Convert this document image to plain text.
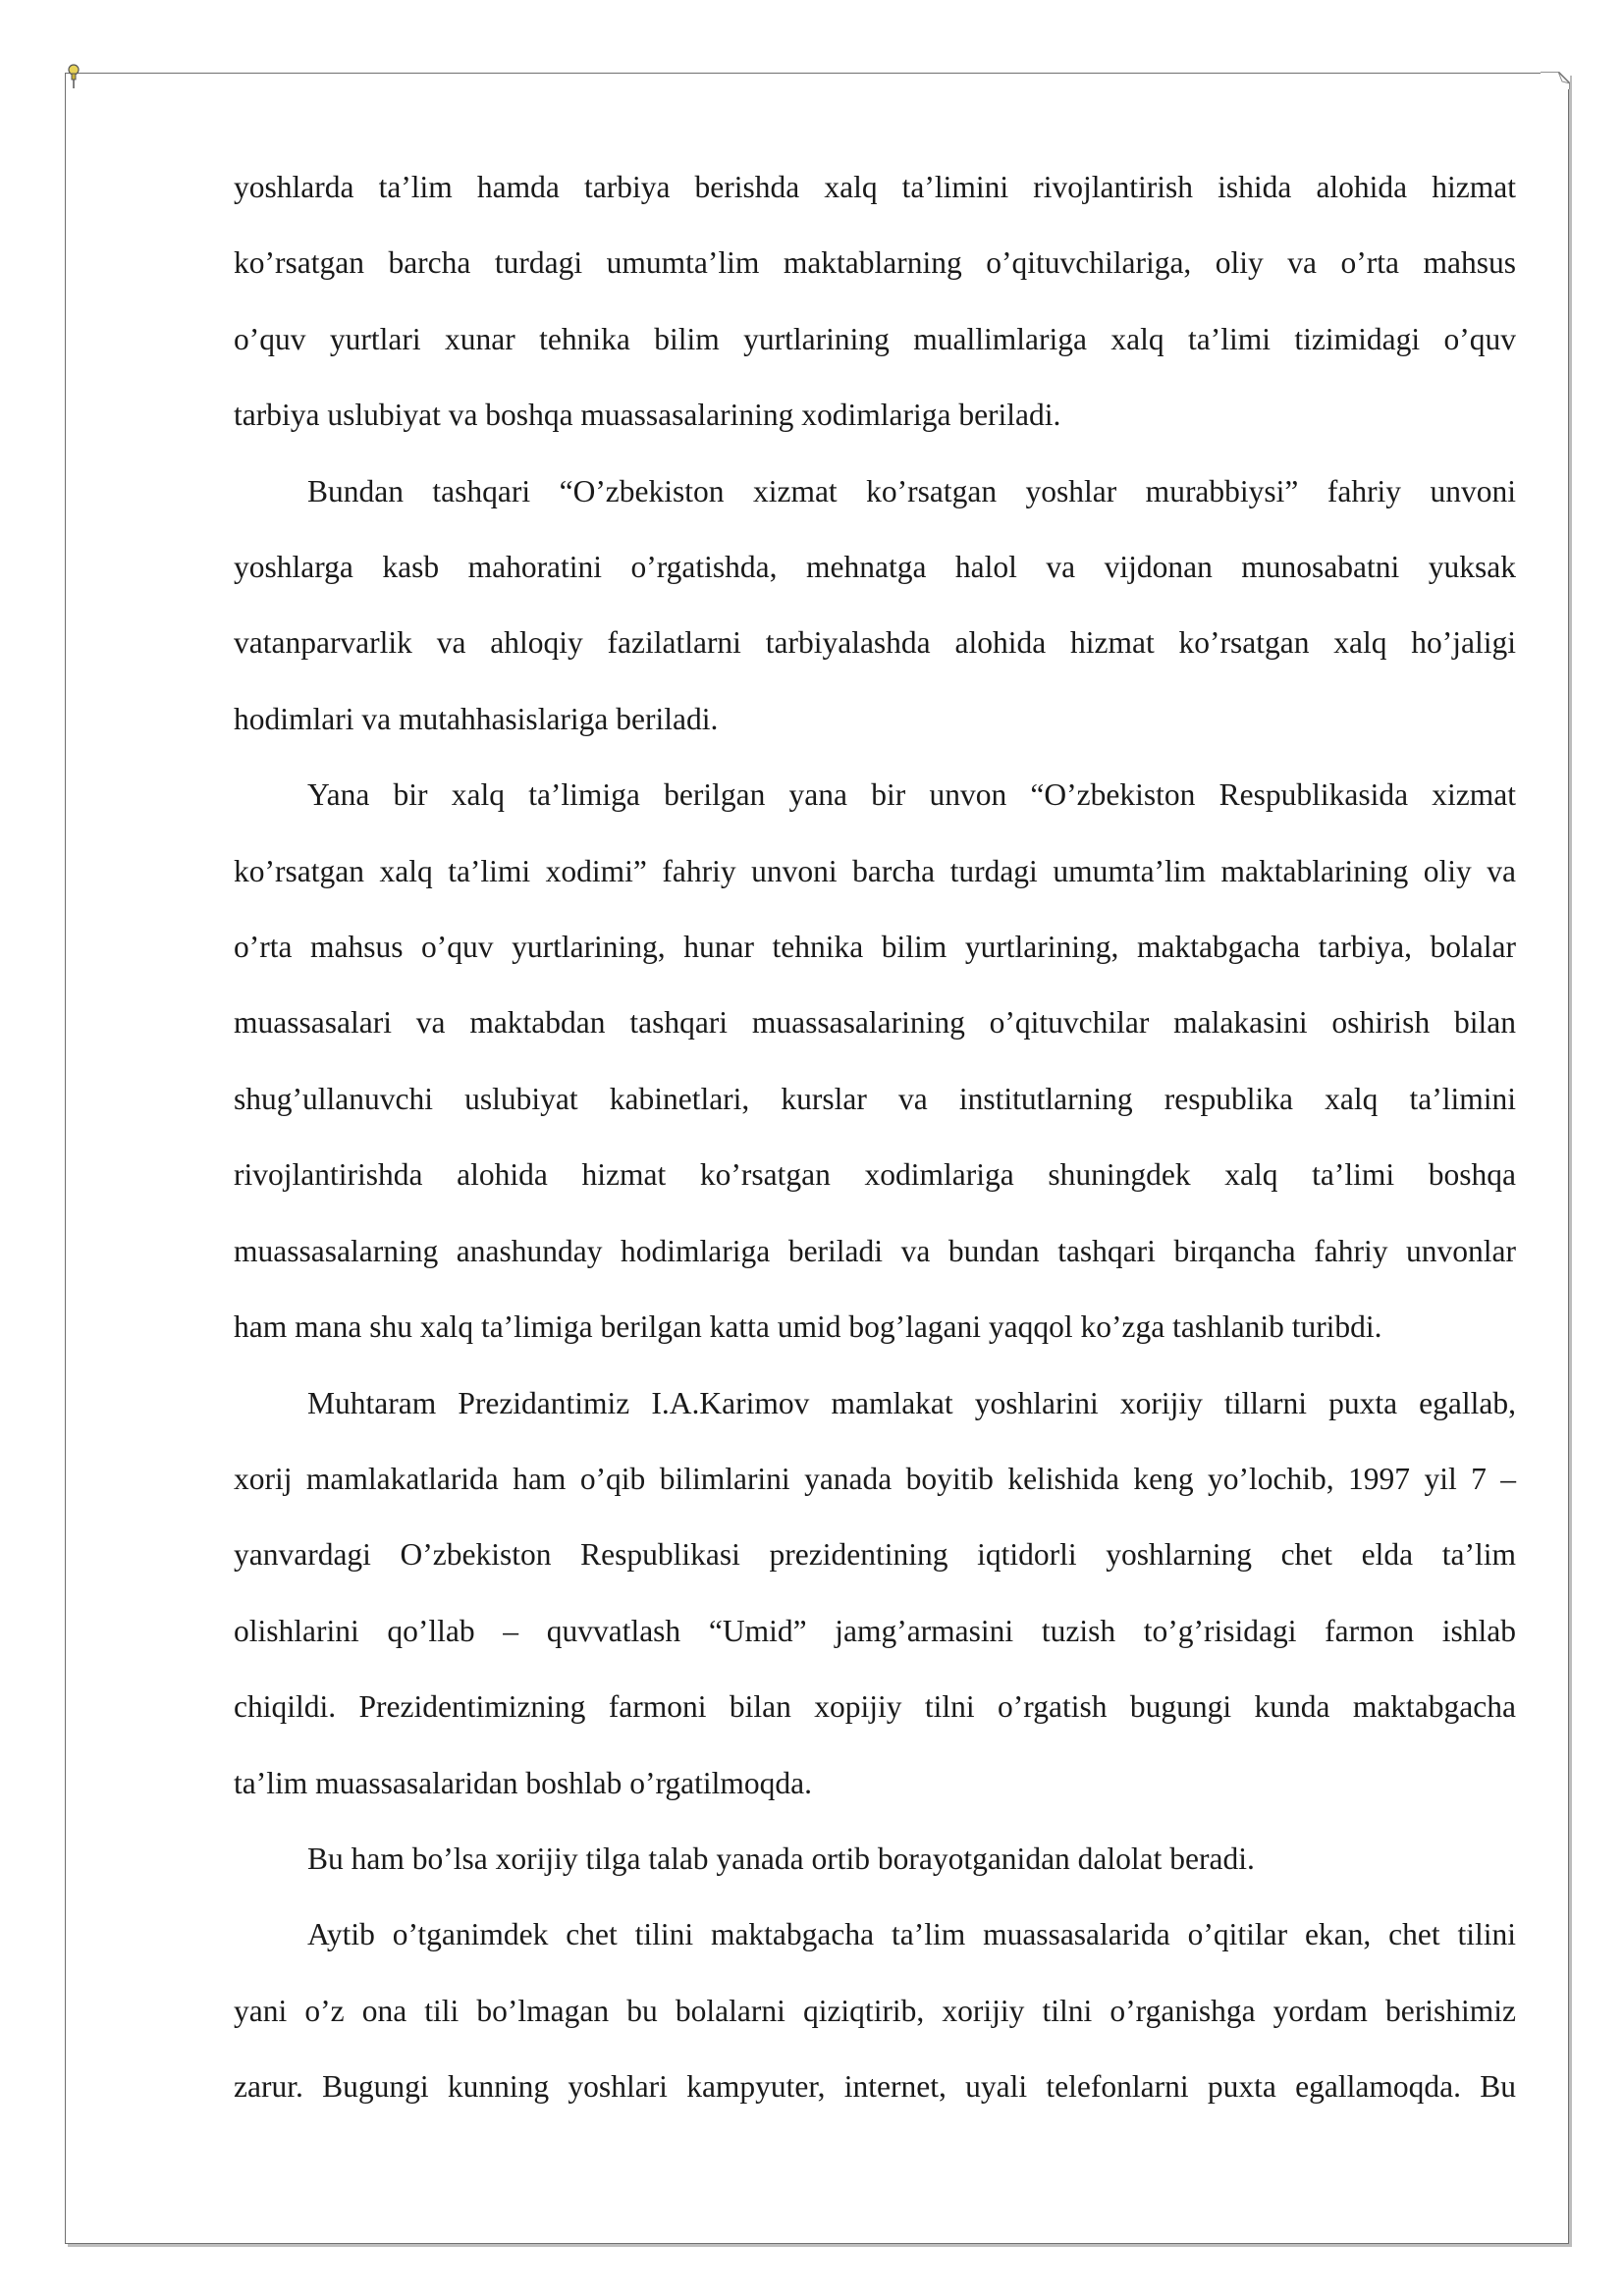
yoshlarda ta’lim hamda tarbiya berishda xalq ta’limini rivojlantirish ishida alohida hizmat
ko’rsatgan barcha turdagi umumta’lim maktablarning o’qituvchilariga, oliy va o’rta mahsus
o’quv yurtlari xunar tehnika bilim yurtlarining muallimlariga xalq ta’limi tizimidagi o’quv

tarbiya uslubiyat va boshqa muassasalarining xodimlariga beriladi.

Bundan tashqari “O’zbekiston xizmat ko’rsatgan yoshlar murabbiysi” fahriy unvoni
yoshlarga kasb mahoratini o’rgatishda, mehnatga halol va vijdonan munosabatni yuksak
vatanparvarlik va ahloqiy fazilatlarni tarbiyalashda alohida hizmat ko’rsatgan xalq ho’jaligi

hodimlari va mutahhasislariga beriladi.

Yana bir xalq ta’limiga berilgan yana bir unvon “O’zbekiston Respublikasida xizmat
ko’rsatgan xalq ta’limi xodimi” fahriy unvoni barcha turdagi umumta’lim maktablarining oliy va
o’rta mahsus o’quv yurtlarining, hunar tehnika bilim yurtlarining, maktabgacha tarbiya, bolalar
muassasalari va maktabdan tashqari muassasalarining o’qituvchilar malakasini oshirish bilan
shug’ullanuvchi uslubiyat kabinetlari, kurslar va institutlarning respublika xalq ta’limini
rivojlantirishda alohida hizmat ko’rsatgan xodimlariga shuningdek xalq ta’limi boshqa
muassasalarning anashunday hodimlariga beriladi va bundan tashqari birqancha fahriy unvonlar

ham mana shu xalq ta’limiga berilgan katta umid bog’lagani yaqqol ko’zga tashlanib turibdi.

Muhtaram Prezidantimiz I.A.Karimov mamlakat yoshlarini xorijiy tillarni puxta egallab,
xorij mamlakatlarida ham o’qib bilimlarini yanada boyitib kelishida keng yo’lochib, 1997 yil 7 –
yanvardagi O’zbekiston Respublikasi prezidentining iqtidorli yoshlarning chet elda ta’lim
olishlarini qo’llab – quvvatlash “Umid” jamg’armasini tuzish to’g’risidagi farmon ishlab
chiqildi. Prezidentimizning farmoni bilan xopijiy tilni o’rgatish bugungi kunda maktabgacha

ta’lim muassasalaridan boshlab o’rgatilmoqda.

Bu ham bo’lsa xorijiy tilga talab yanada ortib borayotganidan dalolat beradi.

Aytib o’tganimdek chet tilini maktabgacha ta’lim muassasalarida o’qitilar ekan, chet tilini
yani o’z ona tili bo’lmagan bu bolalarni qiziqtirib, xorijiy tilni o’rganishga yordam berishimiz
zarur. Bugungi kunning yoshlari kampyuter, internet, uyali telefonlarni puxta egallamoqda. Bu
